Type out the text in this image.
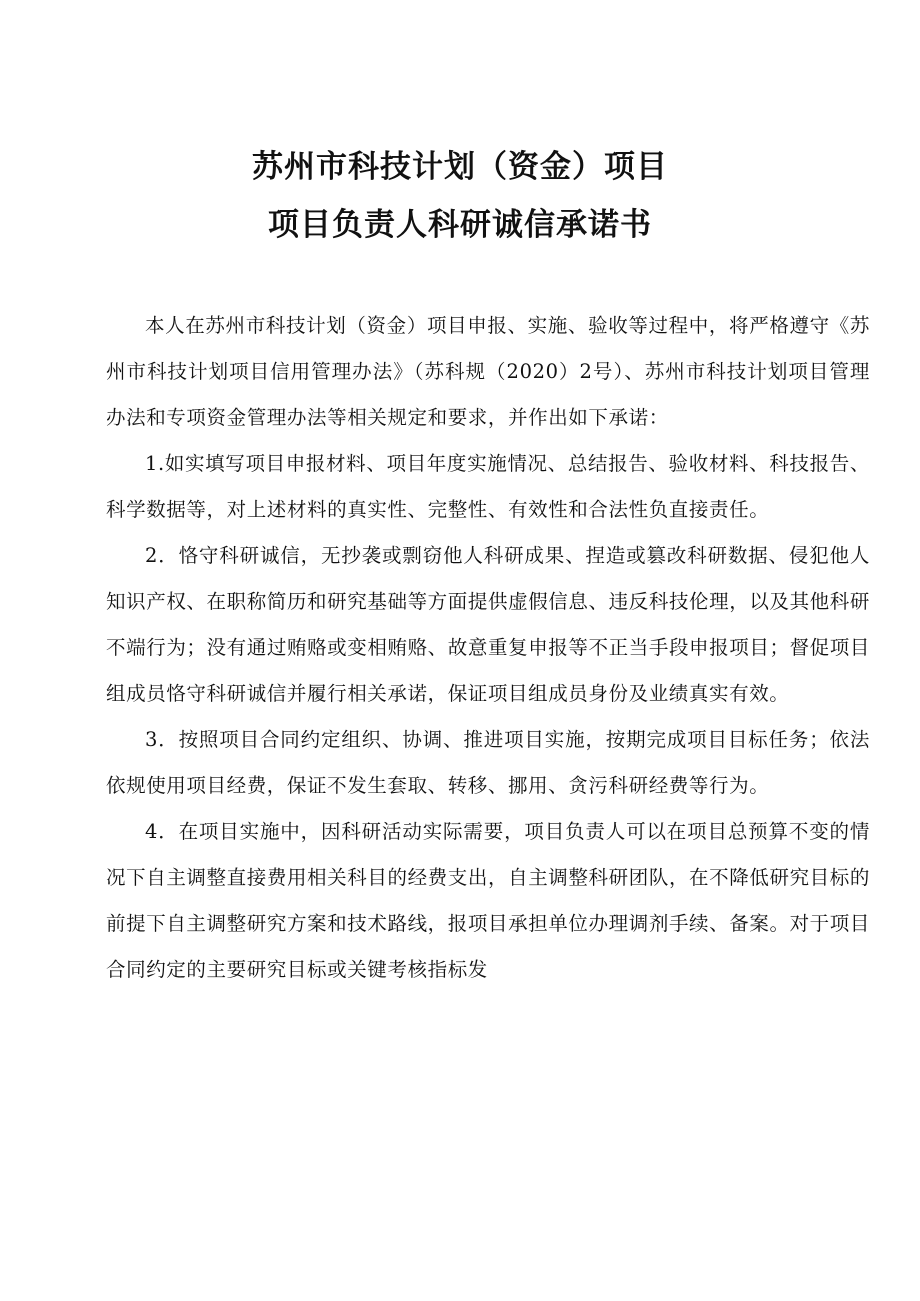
苏州市科技计划（资金）项目
项目负责人科研诚信承诺书

本人在苏州市科技计划（资金）项目申报、实施、验收等过程中，将严格遵守《苏州市科技计划项目信用管理办法》（苏科规（2020）2号）、苏州市科技计划项目管理办法和专项资金管理办法等相关规定和要求，并作出如下承诺：

1.如实填写项目申报材料、项目年度实施情况、总结报告、验收材料、科技报告、科学数据等，对上述材料的真实性、完整性、有效性和合法性负直接责任。

2．恪守科研诚信，无抄袭或剽窃他人科研成果、捏造或篡改科研数据、侵犯他人知识产权、在职称简历和研究基础等方面提供虚假信息、违反科技伦理，以及其他科研不端行为；没有通过贿赂或变相贿赂、故意重复申报等不正当手段申报项目；督促项目组成员恪守科研诚信并履行相关承诺，保证项目组成员身份及业绩真实有效。

3．按照项目合同约定组织、协调、推进项目实施，按期完成项目目标任务；依法依规使用项目经费，保证不发生套取、转移、挪用、贪污科研经费等行为。

4．在项目实施中，因科研活动实际需要，项目负责人可以在项目总预算不变的情况下自主调整直接费用相关科目的经费支出，自主调整科研团队，在不降低研究目标的前提下自主调整研究方案和技术路线，报项目承担单位办理调剂手续、备案。对于项目合同约定的主要研究目标或关键考核指标发
